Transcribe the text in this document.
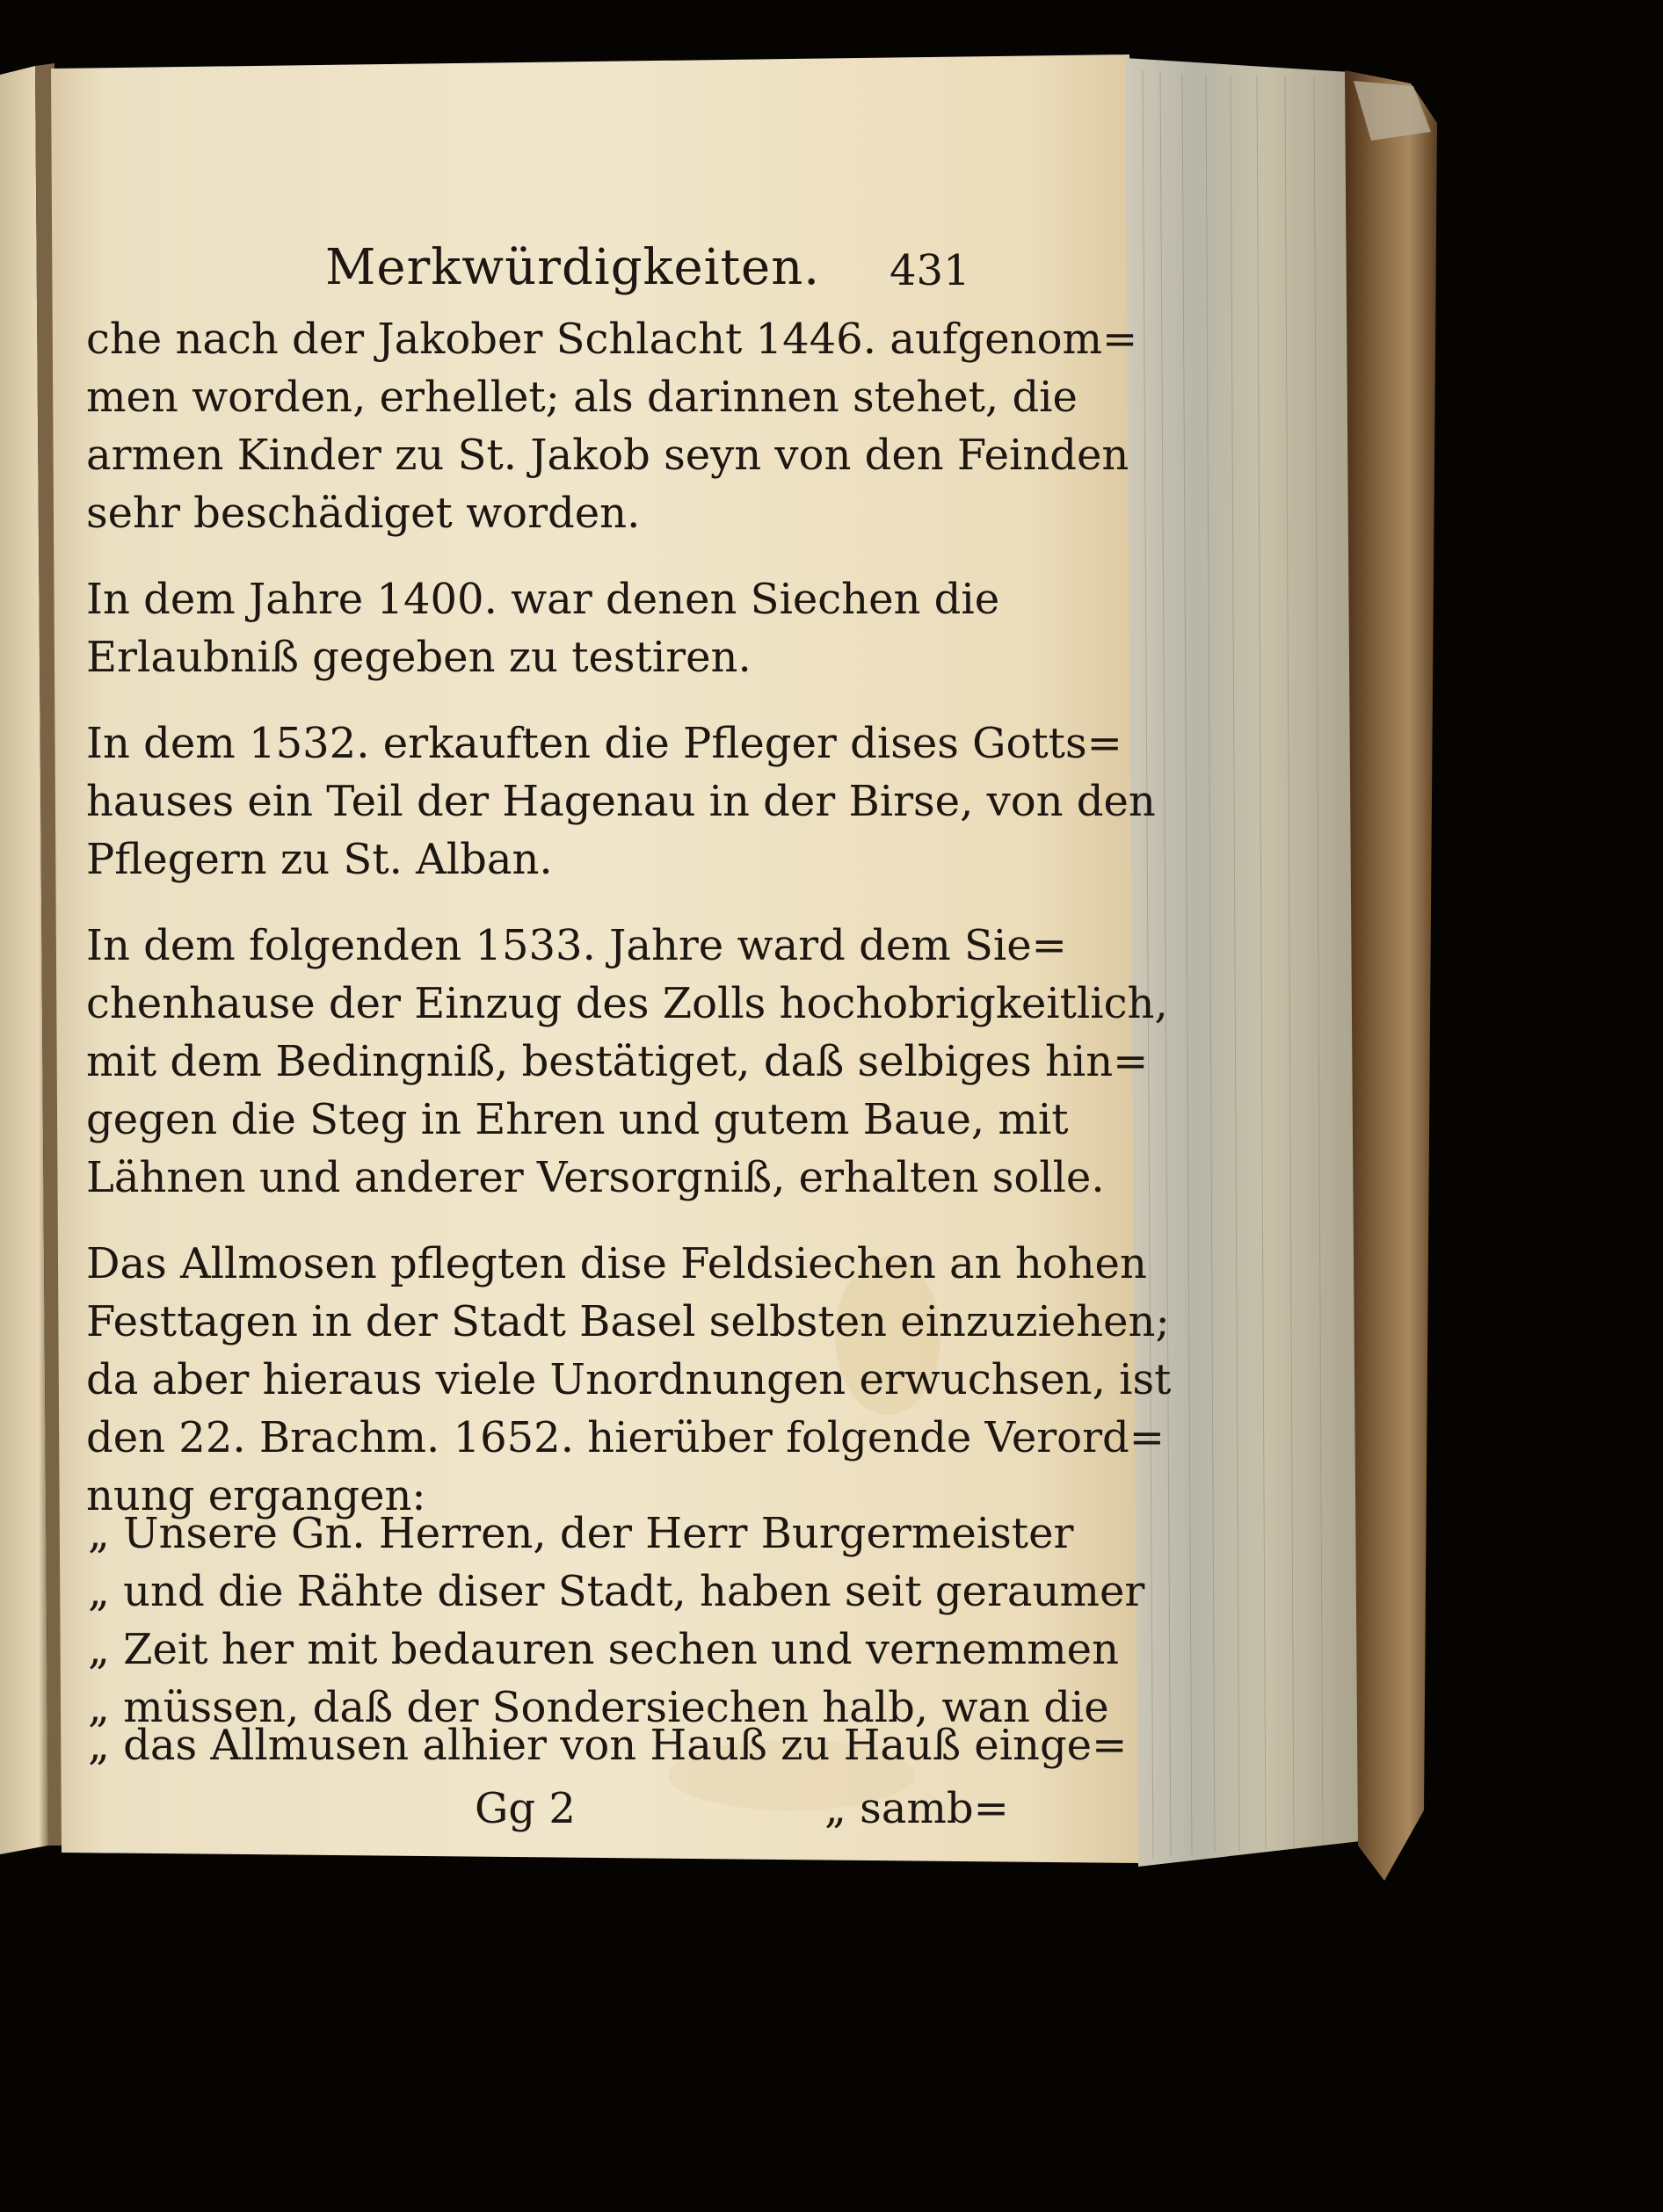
Merkwürdigkeiten. 431
che nach der Jakober Schlacht 1446. aufgenom=
men worden, erhellet; als darinnen stehet, die
armen Kinder zu St. Jakob seyn von den Feinden
sehr beschädiget worden.
In dem Jahre 1400. war denen Siechen die
Erlaubniß gegeben zu testiren.
In dem 1532. erkauften die Pfleger dises Gotts=
hauses ein Teil der Hagenau in der Birse, von den
Pflegern zu St. Alban.
In dem folgenden 1533. Jahre ward dem Sie=
chenhause der Einzug des Zolls hochobrigkeitlich,
mit dem Bedingniß, bestätiget, daß selbiges hin=
gegen die Steg in Ehren und gutem Baue, mit
Lähnen und anderer Versorgniß, erhalten solle.
Das Allmosen pflegten dise Feldsiechen an hohen
Festtagen in der Stadt Basel selbsten einzuziehen;
da aber hieraus viele Unordnungen erwuchsen, ist
den 22. Brachm. 1652. hierüber folgende Verord=
nung ergangen:
„ Unsere Gn. Herren, der Herr Burgermeister
„ und die Rähte diser Stadt, haben seit geraumer
„ Zeit her mit bedauren sechen und vernemmen
„ müssen, daß der Sondersiechen halb, wan die
„ das Allmusen alhier von Hauß zu Hauß einge=
Gg 2	„ samb=
